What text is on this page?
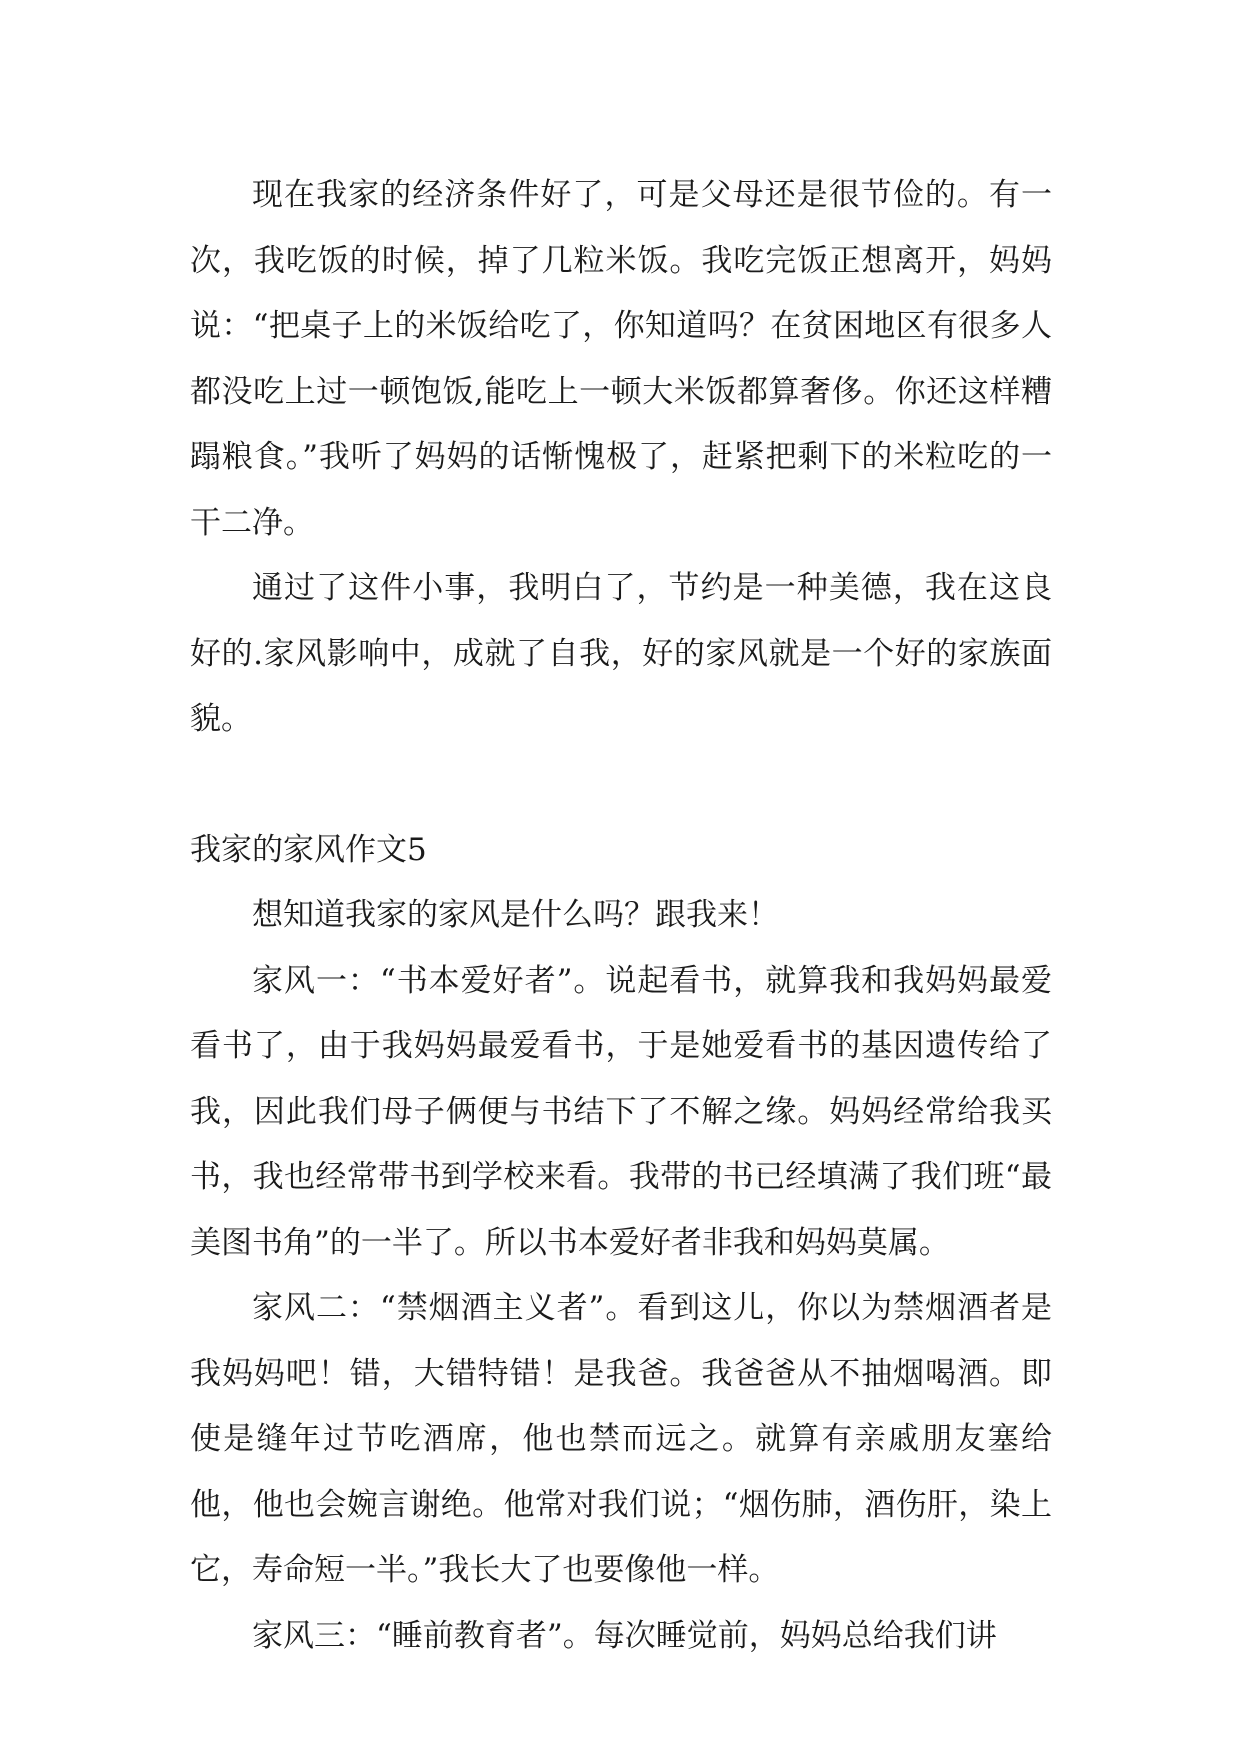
现在我家的经济条件好了，可是父母还是很节俭的。有一次，我吃饭的时候，掉了几粒米饭。我吃完饭正想离开，妈妈说：“把桌子上的米饭给吃了，你知道吗？在贫困地区有很多人都没吃上过一顿饱饭,能吃上一顿大米饭都算奢侈。你还这样糟蹋粮食。”我听了妈妈的话惭愧极了，赶紧把剩下的米粒吃的一干二净。

通过了这件小事，我明白了，节约是一种美德，我在这良好的.家风影响中，成就了自我，好的家风就是一个好的家族面貌。

我家的家风作文5

想知道我家的家风是什么吗？跟我来！

家风一：“书本爱好者”。说起看书，就算我和我妈妈最爱看书了，由于我妈妈最爱看书，于是她爱看书的基因遗传给了我，因此我们母子俩便与书结下了不解之缘。妈妈经常给我买书，我也经常带书到学校来看。我带的书已经填满了我们班“最美图书角”的一半了。所以书本爱好者非我和妈妈莫属。

家风二：“禁烟酒主义者”。看到这儿，你以为禁烟酒者是我妈妈吧！错，大错特错！是我爸。我爸爸从不抽烟喝酒。即使是缝年过节吃酒席，他也禁而远之。就算有亲戚朋友塞给他，他也会婉言谢绝。他常对我们说；“烟伤肺，酒伤肝，染上它，寿命短一半。”我长大了也要像他一样。

家风三：“睡前教育者”。每次睡觉前，妈妈总给我们讲
